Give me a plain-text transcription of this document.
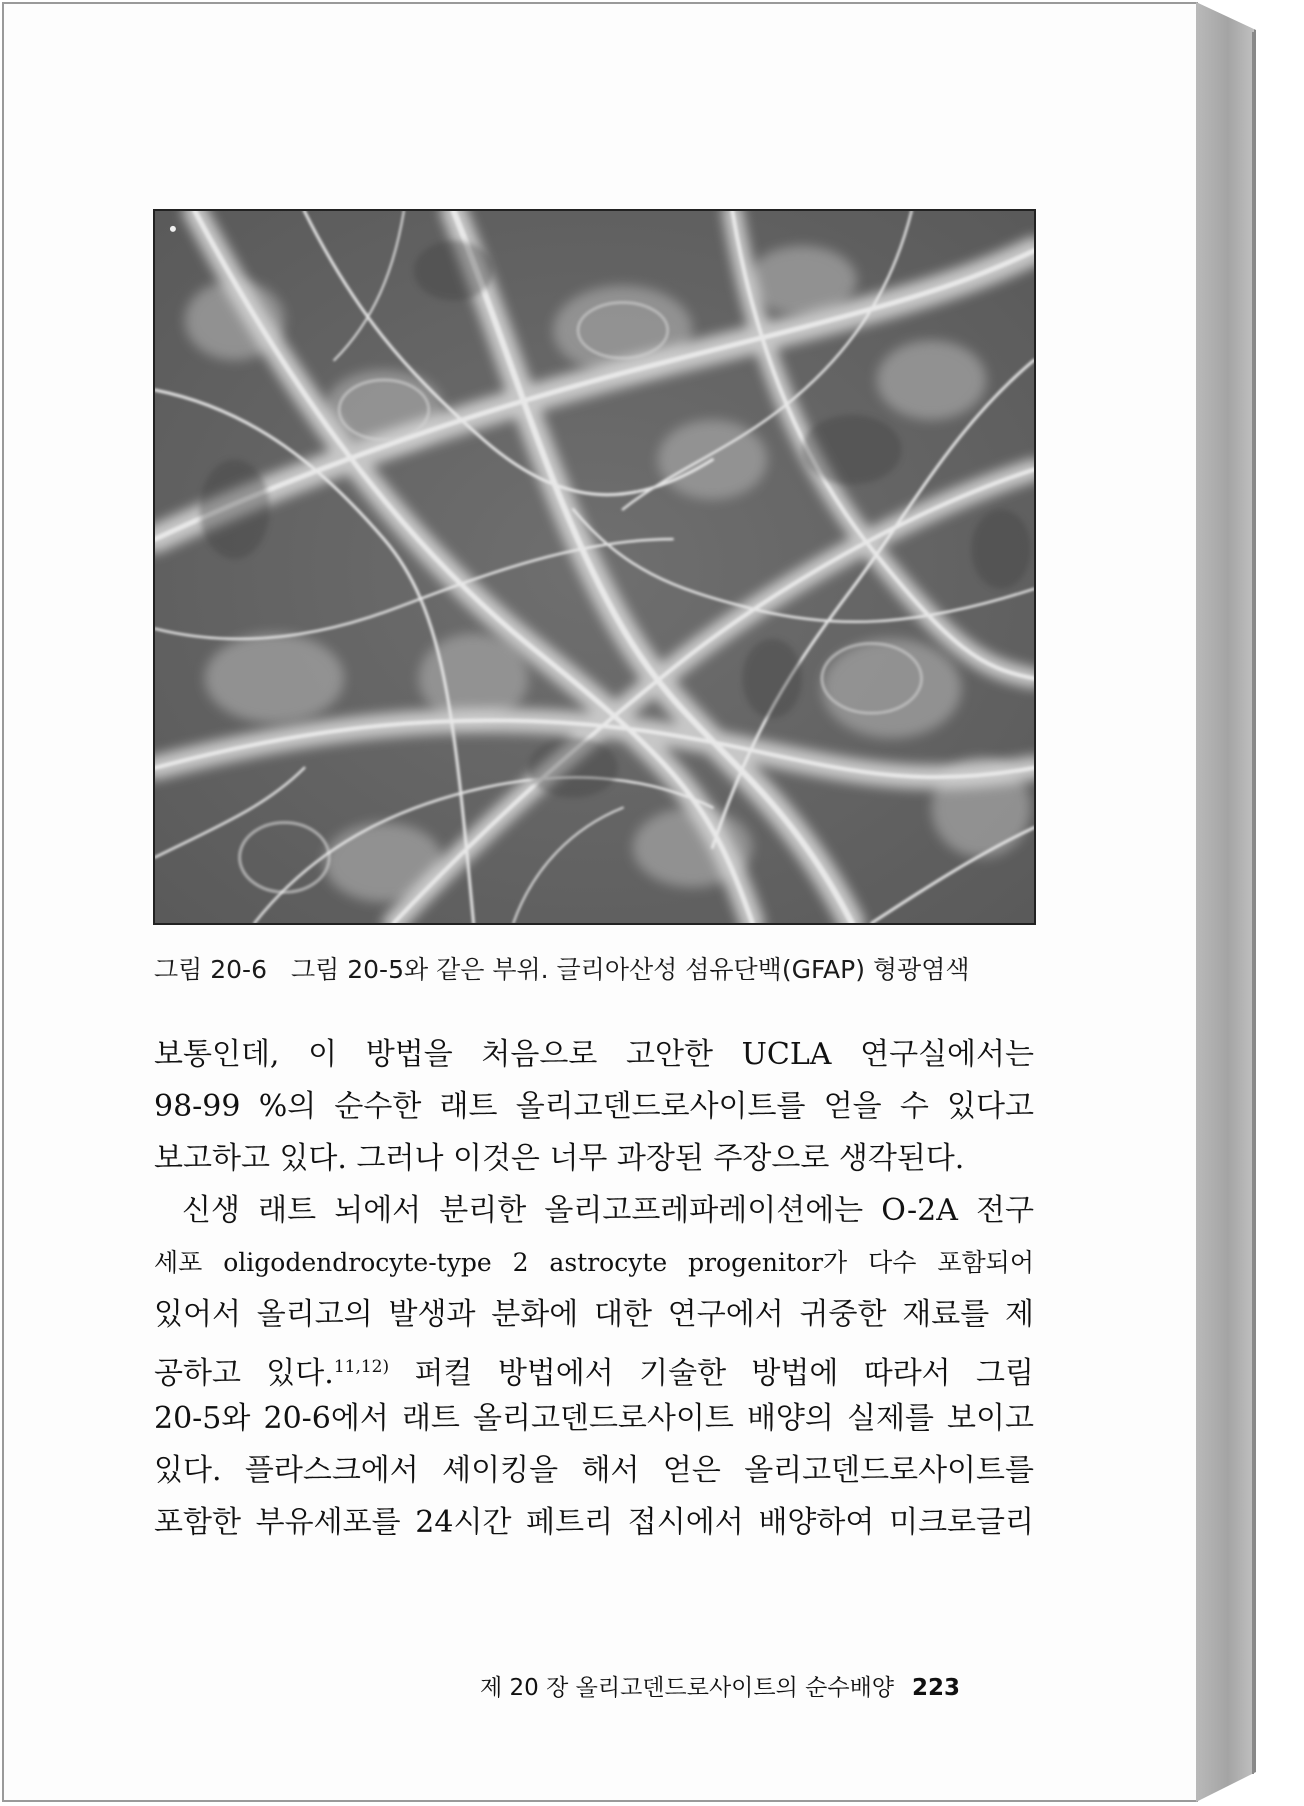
그림 20-6 그림 20-5와 같은 부위. 글리아산성 섬유단백(GFAP) 형광염색
보통인데, 이 방법을 처음으로 고안한 UCLA 연구실에서는
98-99 %의 순수한 래트 올리고덴드로사이트를 얻을 수 있다고
보고하고 있다. 그러나 이것은 너무 과장된 주장으로 생각된다.
신생 래트 뇌에서 분리한 올리고프레파레이션에는 O-2A 전구
세포 oligodendrocyte-type 2 astrocyte progenitor가 다수 포함되어
있어서 올리고의 발생과 분화에 대한 연구에서 귀중한 재료를 제
공하고 있다.$^{11,12)}$ 퍼컬 방법에서 기술한 방법에 따라서 그림
20-5와 20-6에서 래트 올리고덴드로사이트 배양의 실제를 보이고
있다. 플라스크에서 셰이킹을 해서 얻은 올리고덴드로사이트를
포함한 부유세포를 24시간 페트리 접시에서 배양하여 미크로글리
제 20 장 올리고덴드로사이트의 순수배양 223
